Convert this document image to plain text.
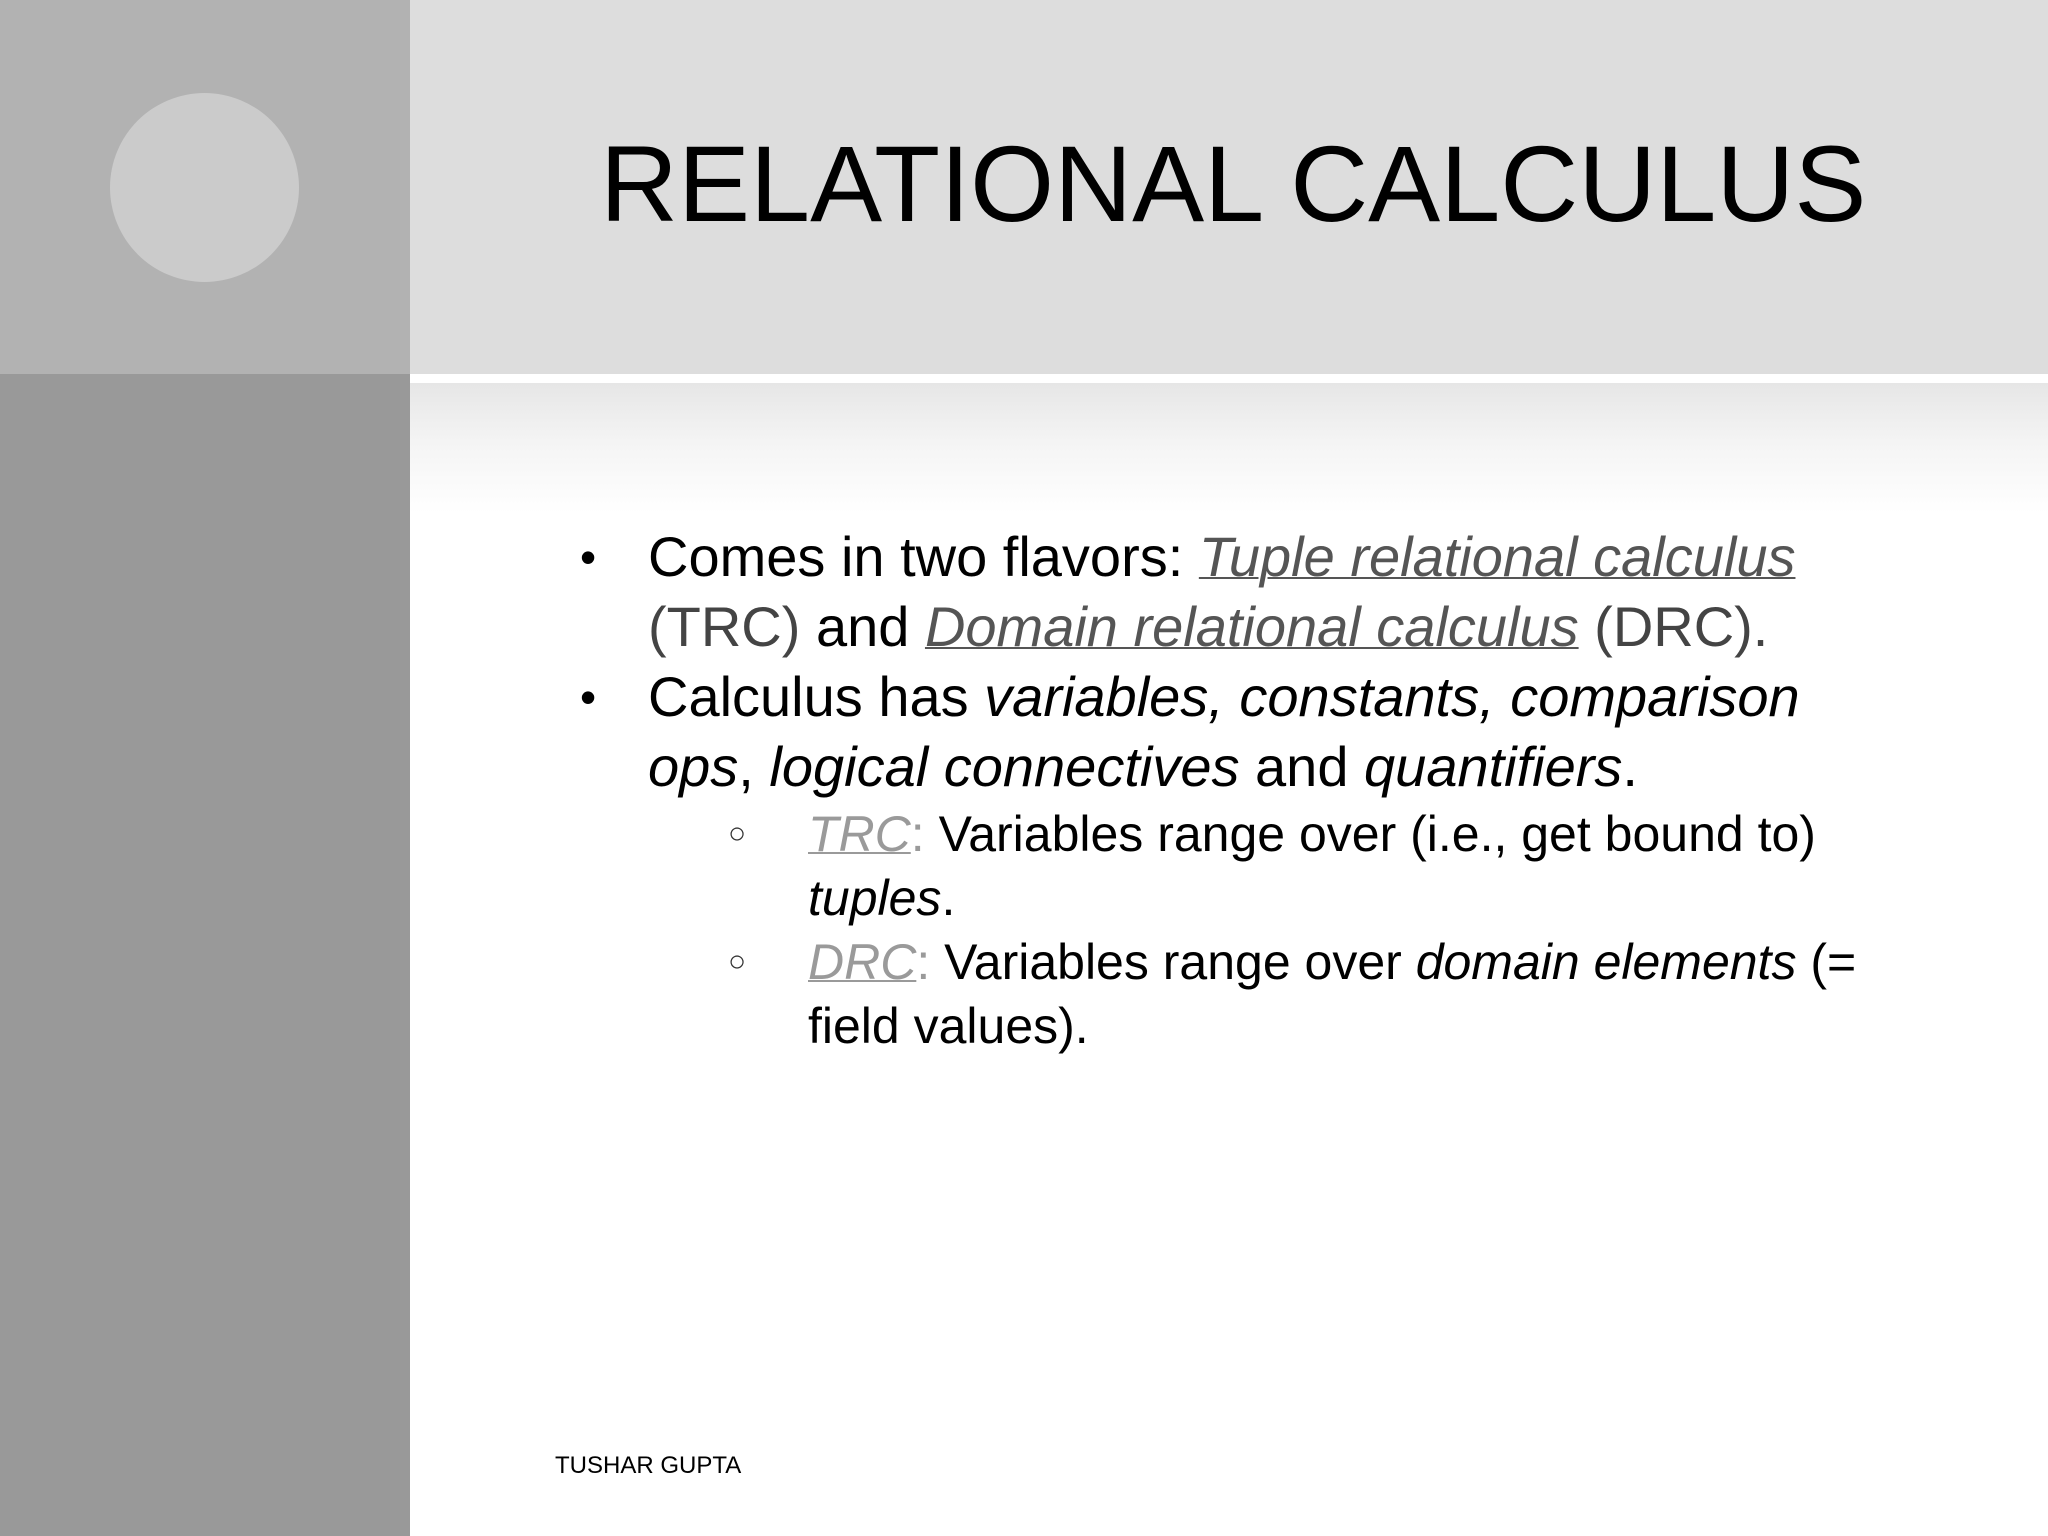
RELATIONAL CALCULUS
• Comes in two flavors: Tuple relational calculus (TRC) and Domain relational calculus (DRC).
• Calculus has variables, constants, comparison ops, logical connectives and quantifiers.
○ TRC: Variables range over (i.e., get bound to) tuples.
○ DRC: Variables range over domain elements (= field values).
TUSHAR GUPTA
